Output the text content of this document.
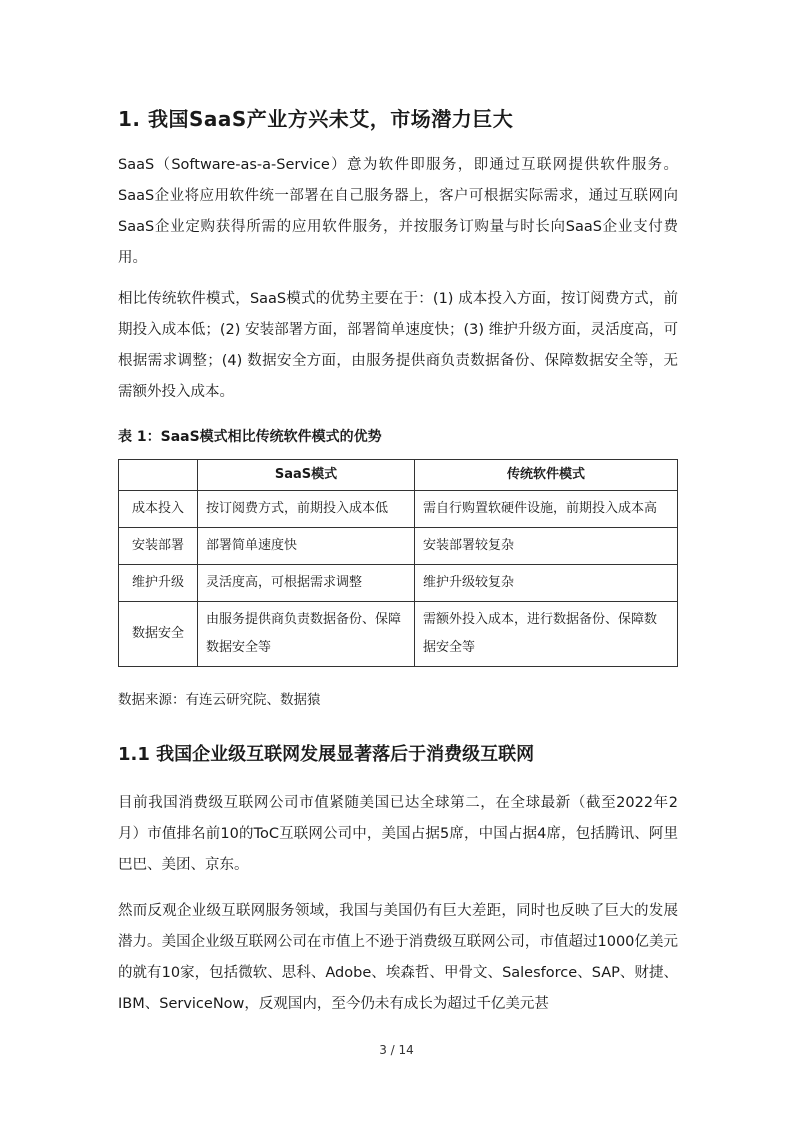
1. 我国SaaS产业方兴未艾，市场潜力巨大

SaaS（Software-as-a-Service）意为软件即服务，即通过互联网提供软件服务。SaaS企业将应用软件统一部署在自己服务器上，客户可根据实际需求，通过互联网向SaaS企业定购获得所需的应用软件服务，并按服务订购量与时长向SaaS企业支付费用。

相比传统软件模式，SaaS模式的优势主要在于：(1) 成本投入方面，按订阅费方式，前期投入成本低；(2) 安装部署方面，部署简单速度快；(3) 维护升级方面，灵活度高，可根据需求调整；(4) 数据安全方面，由服务提供商负责数据备份、保障数据安全等，无需额外投入成本。

表 1：SaaS模式相比传统软件模式的优势
	SaaS模式	传统软件模式
成本投入	按订阅费方式，前期投入成本低	需自行购置软硬件设施，前期投入成本高
安装部署	部署简单速度快	安装部署较复杂
维护升级	灵活度高，可根据需求调整	维护升级较复杂
数据安全	由服务提供商负责数据备份、保障数据安全等	需额外投入成本，进行数据备份、保障数据安全等
数据来源：有连云研究院、数据猿
1.1 我国企业级互联网发展显著落后于消费级互联网

目前我国消费级互联网公司市值紧随美国已达全球第二，在全球最新（截至2022年2月）市值排名前10的ToC互联网公司中，美国占据5席，中国占据4席，包括腾讯、阿里巴巴、美团、京东。

然而反观企业级互联网服务领域，我国与美国仍有巨大差距，同时也反映了巨大的发展潜力。美国企业级互联网公司在市值上不逊于消费级互联网公司，市值超过1000亿美元的就有10家，包括微软、思科、Adobe、埃森哲、甲骨文、Salesforce、SAP、财捷、IBM、ServiceNow，反观国内，至今仍未有成长为超过千亿美元甚

3 / 14
